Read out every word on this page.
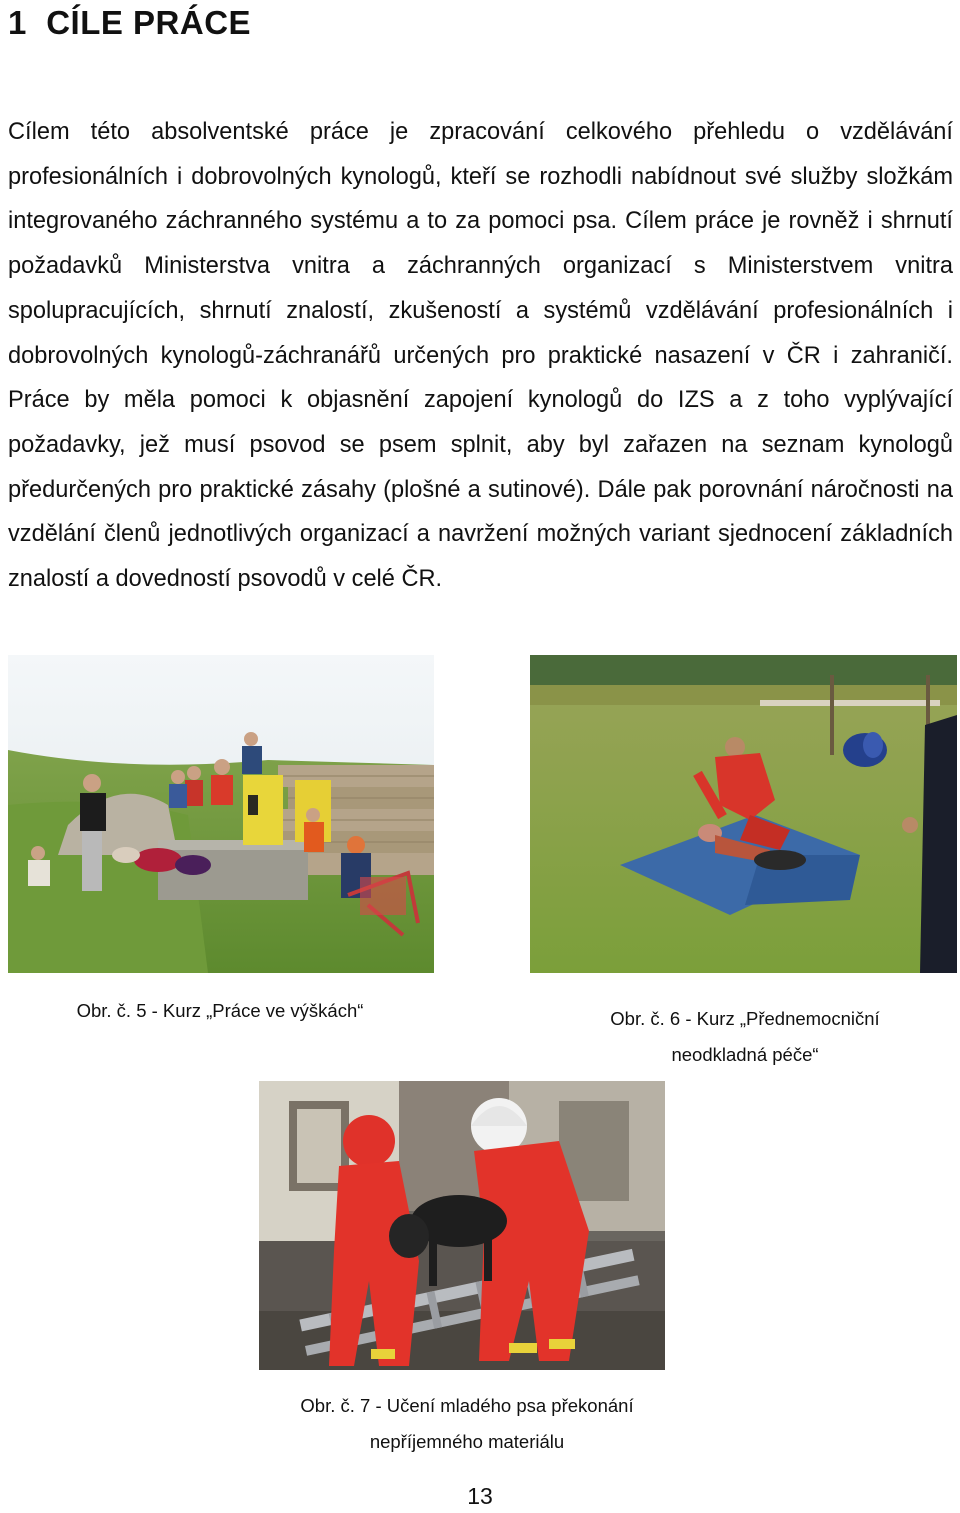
1 CÍLE PRÁCE

Cílem této absolventské práce je zpracování celkového přehledu o vzdělávání profesionálních i dobrovolných kynologů, kteří se rozhodli nabídnout své služby složkám integrovaného záchranného systému a to za pomoci psa. Cílem práce je rovněž i shrnutí požadavků Ministerstva vnitra a záchranných organizací s Ministerstvem vnitra spolupracujících, shrnutí znalostí, zkušeností a systémů vzdělávání profesionálních i dobrovolných kynologů-záchranářů určených pro praktické nasazení v ČR i zahraničí. Práce by měla pomoci k objasnění zapojení kynologů do IZS a z toho vyplývající požadavky, jež musí psovod se psem splnit, aby byl zařazen na seznam kynologů předurčených pro praktické zásahy (plošné a sutinové). Dále pak porovnání náročnosti na vzdělání členů jednotlivých organizací a navržení možných variant sjednocení základních znalostí a dovedností psovodů v celé ČR.

Obr. č. 5 - Kurz „Práce ve výškách“	Obr. č. 6 - Kurz „Přednemocniční
neodkladná péče“
Obr. č. 7 - Učení mladého psa překonání
nepříjemného materiálu
13
